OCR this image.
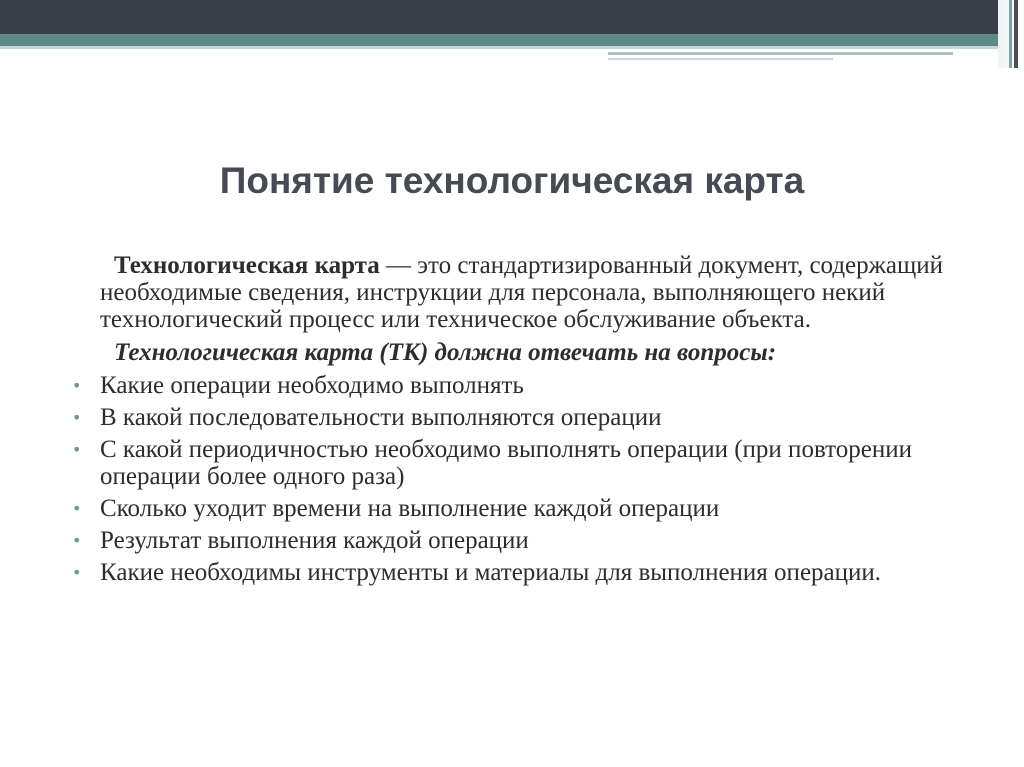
Понятие технологическая карта

Технологическая карта — это стандартизированный документ, содержащий необходимые сведения, инструкции для персонала, выполняющего некий технологический процесс или техническое обслуживание объекта.

Технологическая карта (ТК) должна отвечать на вопросы:

• Какие операции необходимо выполнять
• В какой последовательности выполняются операции
• С какой периодичностью необходимо выполнять операции (при повторении операции более одного раза)
• Сколько уходит времени на выполнение каждой операции
• Результат выполнения каждой операции
• Какие необходимы инструменты и материалы для выполнения операции.
